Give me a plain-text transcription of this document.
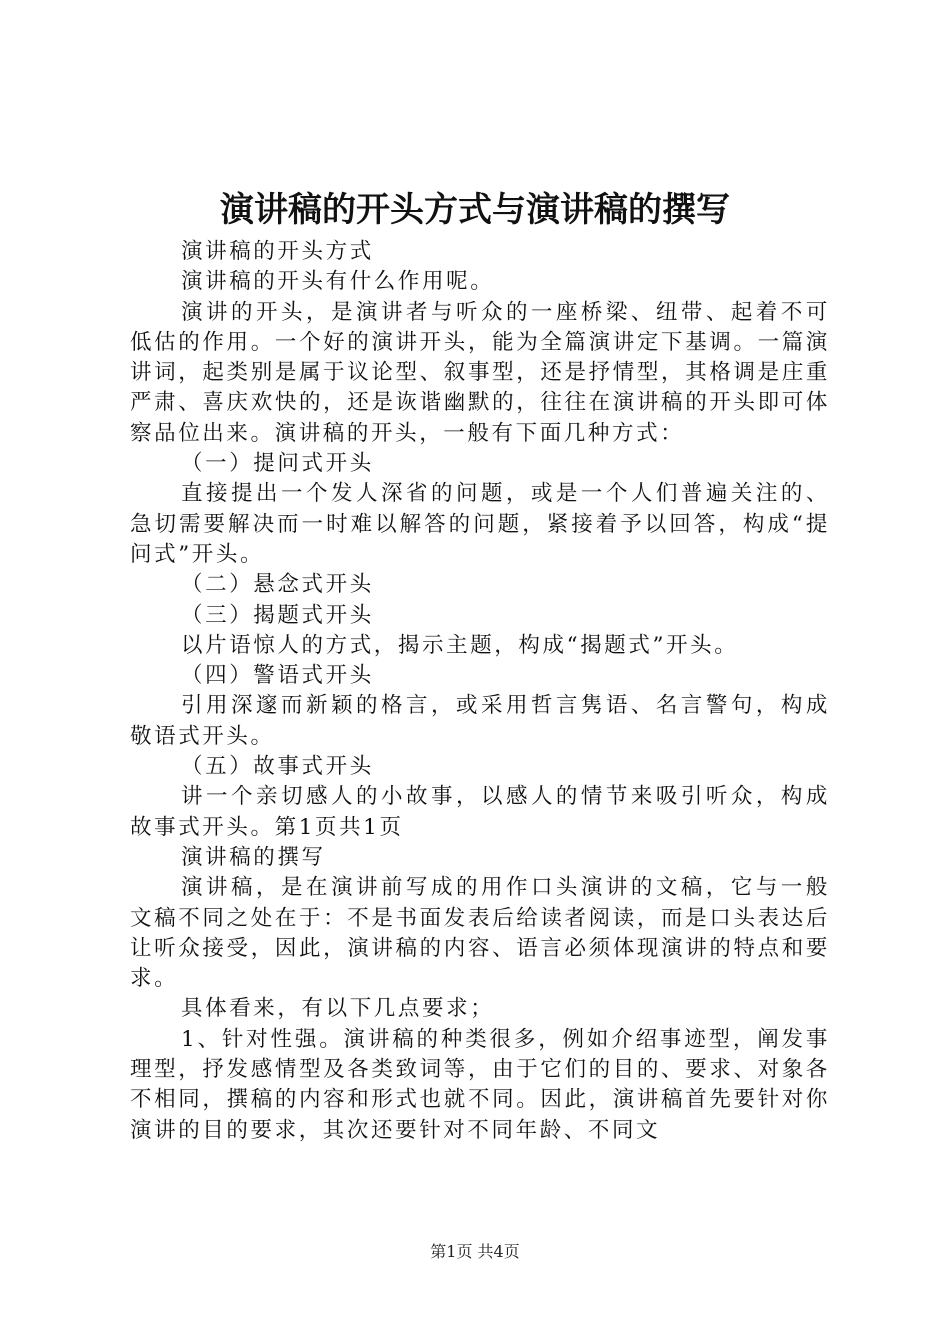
演讲稿的开头方式与演讲稿的撰写

演讲稿的开头方式

演讲稿的开头有什么作用呢。

演讲的开头，是演讲者与听众的一座桥梁、纽带、起着不可低估的作用。一个好的演讲开头，能为全篇演讲定下基调。一篇演讲词，起类别是属于议论型、叙事型，还是抒情型，其格调是庄重严肃、喜庆欢快的，还是诙谐幽默的，往往在演讲稿的开头即可体察品位出来。演讲稿的开头，一般有下面几种方式：

（一）提问式开头

直接提出一个发人深省的问题，或是一个人们普遍关注的、急切需要解决而一时难以解答的问题，紧接着予以回答，构成“提问式”开头。

（二）悬念式开头

（三）揭题式开头

以片语惊人的方式，揭示主题，构成“揭题式”开头。

（四）警语式开头

引用深邃而新颖的格言，或采用哲言隽语、名言警句，构成敬语式开头。

（五）故事式开头

讲一个亲切感人的小故事，以感人的情节来吸引听众，构成故事式开头。第1页共1页

演讲稿的撰写

演讲稿，是在演讲前写成的用作口头演讲的文稿，它与一般文稿不同之处在于：不是书面发表后给读者阅读，而是口头表达后让听众接受，因此，演讲稿的内容、语言必须体现演讲的特点和要求。

具体看来，有以下几点要求；

1、针对性强。演讲稿的种类很多，例如介绍事迹型，阐发事理型，抒发感情型及各类致词等，由于它们的目的、要求、对象各不相同，撰稿的内容和形式也就不同。因此，演讲稿首先要针对你演讲的目的要求，其次还要针对不同年龄、不同文

第1页 共4页
